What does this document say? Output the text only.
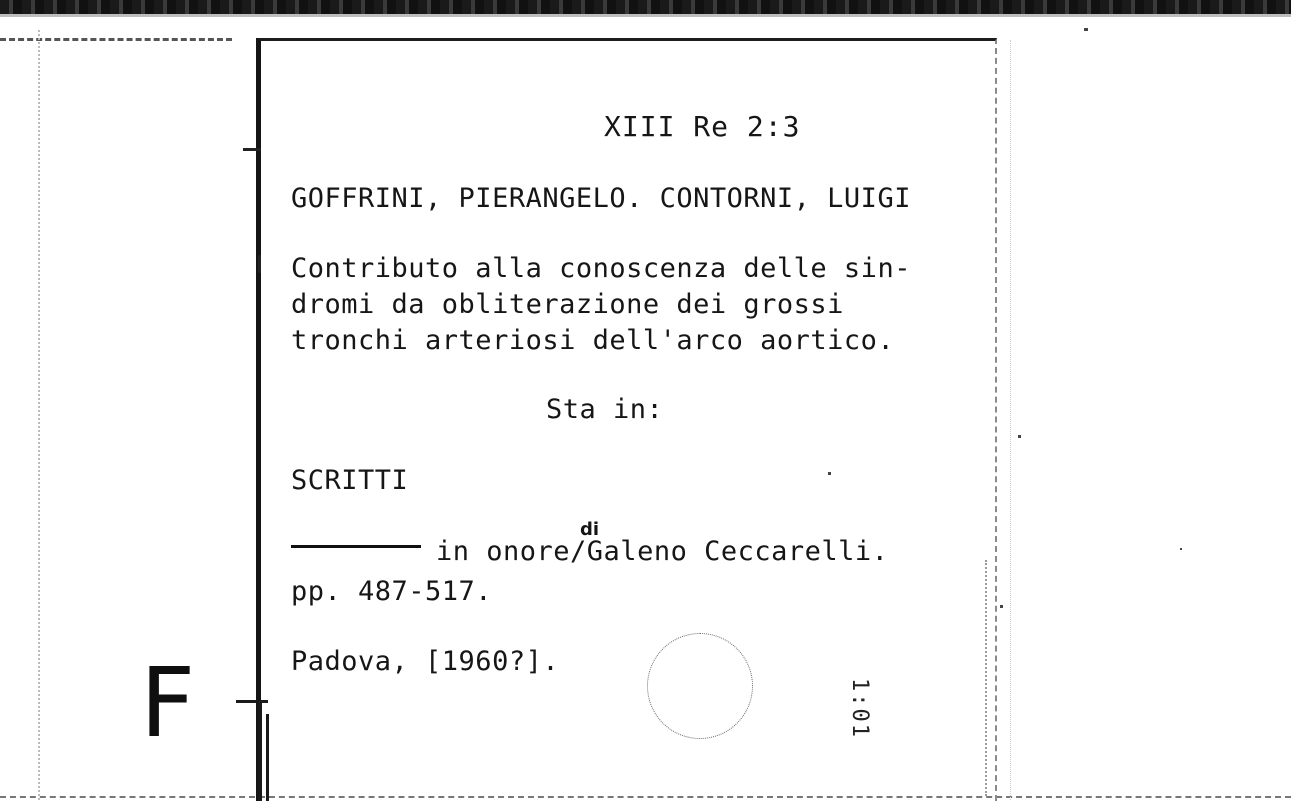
XIII Re 2:3
GOFFRINI, PIERANGELO. CONTORNI, LUIGI
Contributo alla conoscenza delle sin-
dromi da obliterazione dei grossi
tronchi arteriosi dell'arco aortico.
Sta in:
SCRITTI
di
in onore/Galeno Ceccarelli.
pp. 487-517.
Padova, [1960?].
1:01
F
